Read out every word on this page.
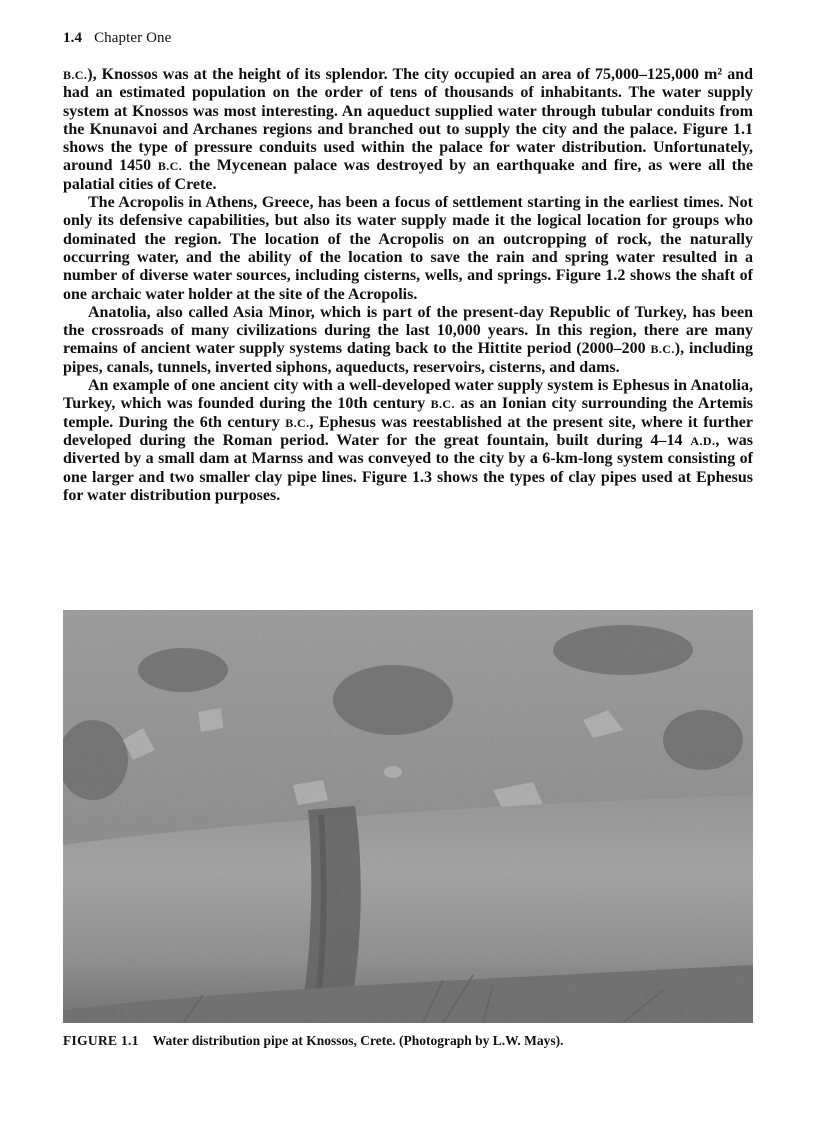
1.4 Chapter One

B.C.), Knossos was at the height of its splendor. The city occupied an area of 75,000–125,000 m² and had an estimated population on the order of tens of thousands of inhabitants. The water supply system at Knossos was most interesting. An aqueduct supplied water through tubular conduits from the Knunavoi and Archanes regions and branched out to supply the city and the palace. Figure 1.1 shows the type of pressure conduits used within the palace for water distribution. Unfortunately, around 1450 B.C. the Mycenean palace was destroyed by an earthquake and fire, as were all the palatial cities of Crete.

The Acropolis in Athens, Greece, has been a focus of settlement starting in the earliest times. Not only its defensive capabilities, but also its water supply made it the logical location for groups who dominated the region. The location of the Acropolis on an outcropping of rock, the naturally occurring water, and the ability of the location to save the rain and spring water resulted in a number of diverse water sources, including cisterns, wells, and springs. Figure 1.2 shows the shaft of one archaic water holder at the site of the Acropolis.

Anatolia, also called Asia Minor, which is part of the present-day Republic of Turkey, has been the crossroads of many civilizations during the last 10,000 years. In this region, there are many remains of ancient water supply systems dating back to the Hittite period (2000–200 B.C.), including pipes, canals, tunnels, inverted siphons, aqueducts, reservoirs, cisterns, and dams.

An example of one ancient city with a well-developed water supply system is Ephesus in Anatolia, Turkey, which was founded during the 10th century B.C. as an Ionian city surrounding the Artemis temple. During the 6th century B.C., Ephesus was reestablished at the present site, where it further developed during the Roman period. Water for the great fountain, built during 4–14 A.D., was diverted by a small dam at Marnss and was conveyed to the city by a 6-km-long system consisting of one larger and two smaller clay pipe lines. Figure 1.3 shows the types of clay pipes used at Ephesus for water distribution purposes.

FIGURE 1.1 Water distribution pipe at Knossos, Crete. (Photograph by L.W. Mays).
